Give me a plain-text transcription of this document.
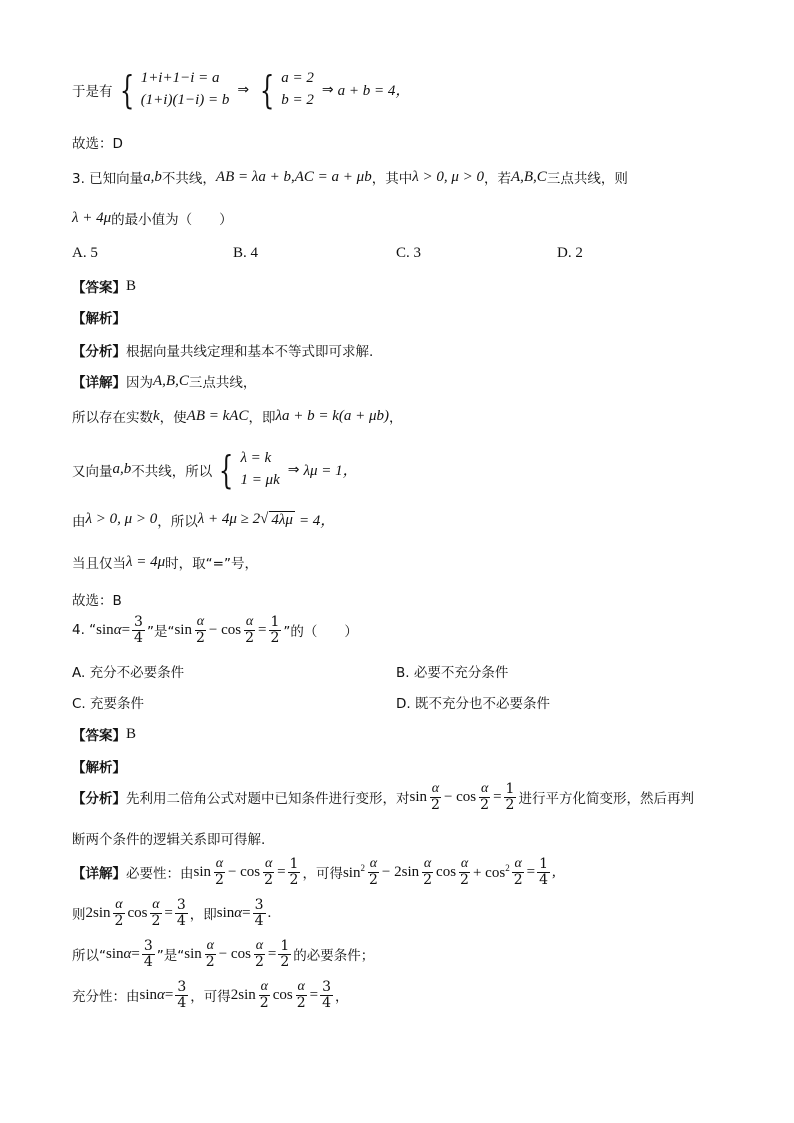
于是有 { 1+i+1−i = a
(1+i)(1−i) = b
⇒ { a = 2
b = 2
⇒ a + b = 4，
故选：D
3. 已知向量 a,b 不共线， AB = λa + b , AC = a + μb ，其中 λ > 0, μ > 0 ，若 A,B,C 三点共线，则
λ + 4μ 的最小值为（　　）
A. 5	B. 4	C. 3	D. 2
【答案】 B
【解析】
【分析】 根据向量共线定理和基本不等式即可求解.
【详解】 因为 A,B,C 三点共线，
所以存在实数 k ，使 AB = kAC ，即 λa + b = k(a + μb) ，
又向量 a,b 不共线，所以 { λ = k
1 = μk
⇒ λμ = 1，
由 λ > 0, μ > 0 ，所以 λ + 4μ ≥ 2 √ 4λμ = 4，
当且仅当 λ = 4μ 时，取“=”号，
故选：B
4. “ $\sin \alpha = \frac{3}{4}$ ”是“ $\sin \frac{\alpha}{2} - \cos \frac{\alpha}{2} = \frac{1}{2}$ ”的（　　）
A. 充分不必要条件	B. 必要不充分条件
C. 充要条件	D. 既不充分也不必要条件
【答案】 B
【解析】
【分析】 先利用二倍角公式对题中已知条件进行变形，对 $\sin \frac{\alpha}{2} - \cos \frac{\alpha}{2} = \frac{1}{2}$ 进行平方化简变形，然后再判
断两个条件的逻辑关系即可得解.
【详解】 必要性：由 $\sin \frac{\alpha}{2} - \cos \frac{\alpha}{2} = \frac{1}{2}$ ，可得 $\sin^2 \frac{\alpha}{2} - 2\sin \frac{\alpha}{2}$ $\cos \frac{\alpha}{2} + \cos^2 \frac{\alpha}{2} = \frac{1}{4}$ ,
则 $2\sin \frac{\alpha}{2}$ $\cos \frac{\alpha}{2} = \frac{3}{4}$ ，即 $\sin \alpha = \frac{3}{4}$ .
所以“ $\sin \alpha = \frac{3}{4}$ ”是“ $\sin \frac{\alpha}{2} - \cos \frac{\alpha}{2} = \frac{1}{2}$ 的必要条件；
充分性：由 $\sin \alpha = \frac{3}{4}$ ，可得 $2\sin \frac{\alpha}{2}$ $\cos \frac{\alpha}{2} = \frac{3}{4}$ ，
